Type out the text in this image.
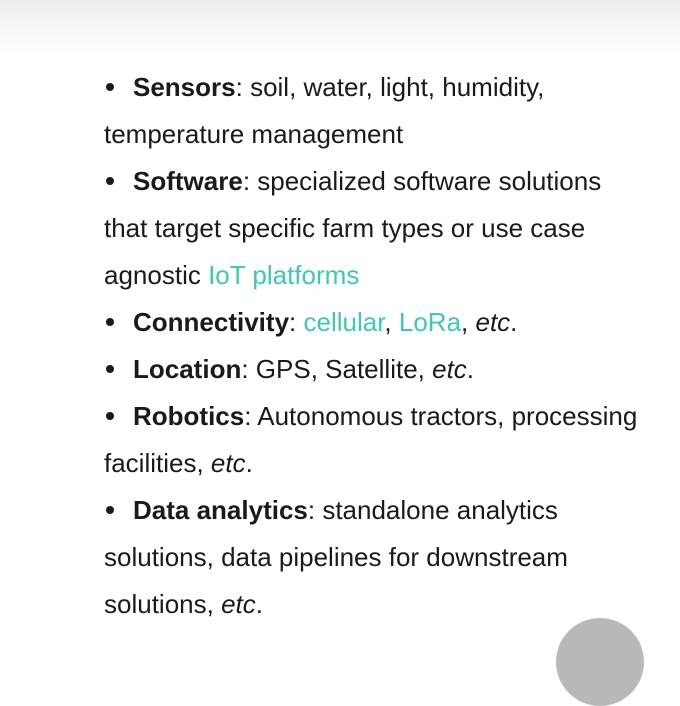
Sensors: soil, water, light, humidity, temperature management
Software: specialized software solutions that target specific farm types or use case agnostic IoT platforms
Connectivity: cellular, LoRa, etc.
Location: GPS, Satellite, etc.
Robotics: Autonomous tractors, processing facilities, etc.
Data analytics: standalone analytics solutions, data pipelines for downstream solutions, etc.
